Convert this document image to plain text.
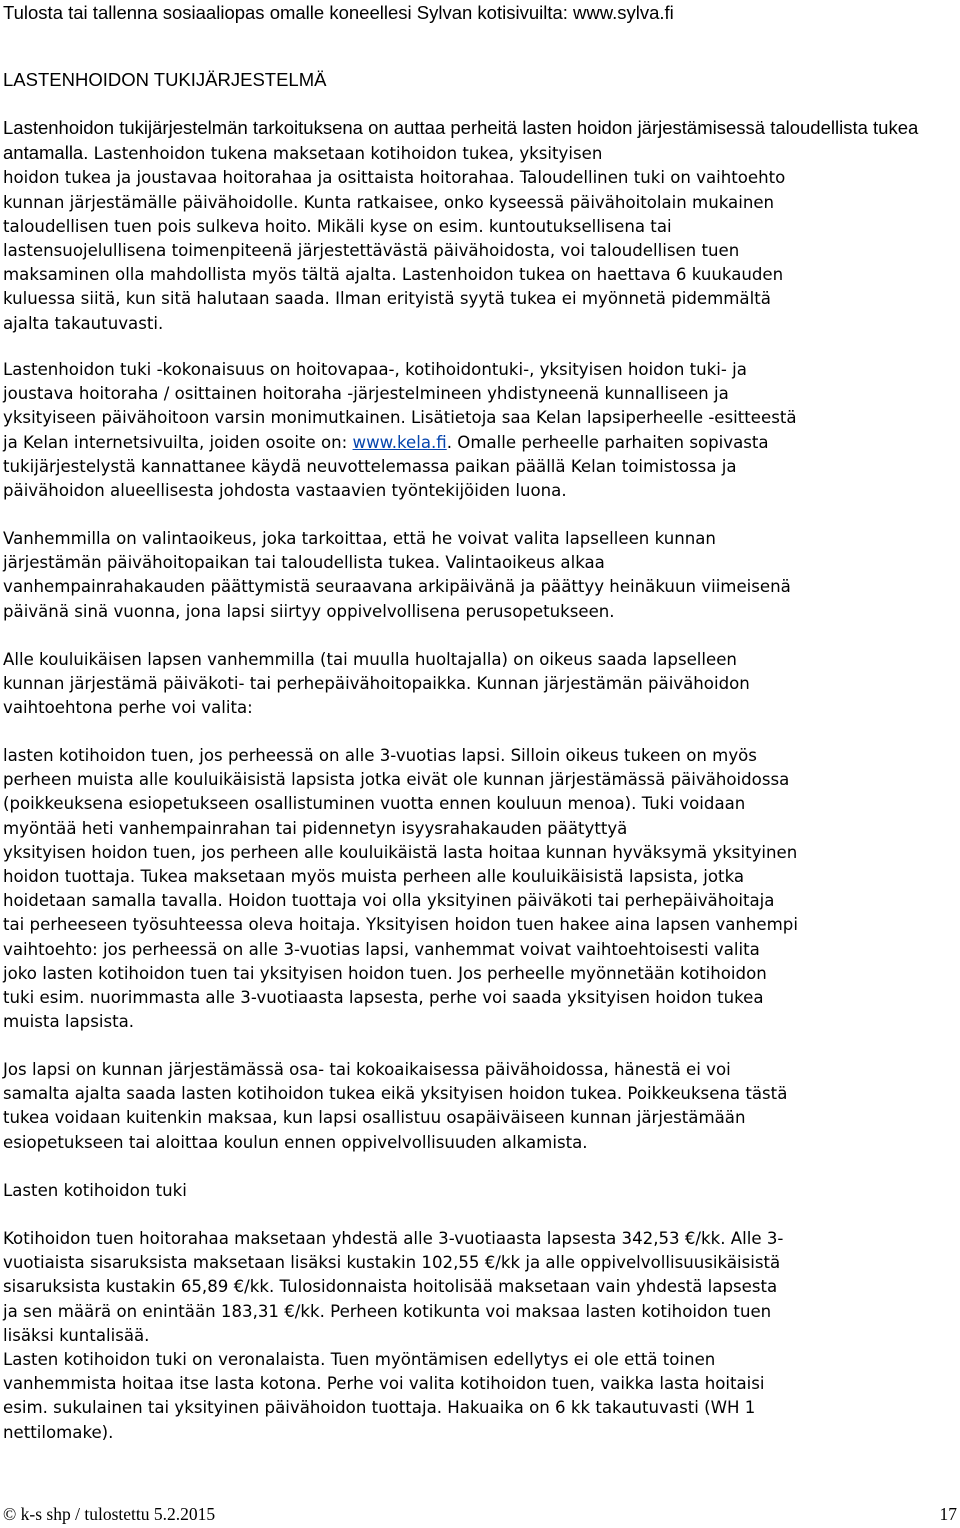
Tulosta tai tallenna sosiaaliopas omalle koneellesi Sylvan kotisivuilta: www.sylva.fi
LASTENHOIDON TUKIJÄRJESTELMÄ

Lastenhoidon tukijärjestelmän tarkoituksena on auttaa perheitä lasten hoidon järjestämisessä taloudellista tukea antamalla. Lastenhoidon tukena maksetaan kotihoidon tukea, yksityisen
hoidon tukea ja joustavaa hoitorahaa ja osittaista hoitorahaa. Taloudellinen tuki on vaihtoehto
kunnan järjestämälle päivähoidolle. Kunta ratkaisee, onko kyseessä päivähoitolain mukainen
taloudellisen tuen pois sulkeva hoito. Mikäli kyse on esim. kuntoutuksellisena tai
lastensuojelullisena toimenpiteenä järjestettävästä päivähoidosta, voi taloudellisen tuen
maksaminen olla mahdollista myös tältä ajalta. Lastenhoidon tukea on haettava 6 kuukauden
kuluessa siitä, kun sitä halutaan saada. Ilman erityistä syytä tukea ei myönnetä pidemmältä
ajalta takautuvasti.

Lastenhoidon tuki -kokonaisuus on hoitovapaa-, kotihoidontuki-, yksityisen hoidon tuki- ja
joustava hoitoraha / osittainen hoitoraha -järjestelmineen yhdistyneenä kunnalliseen ja
yksityiseen päivähoitoon varsin monimutkainen. Lisätietoja saa Kelan lapsiperheelle -esitteestä
ja Kelan internetsivuilta, joiden osoite on: www.kela.fi. Omalle perheelle parhaiten sopivasta
tukijärjestelystä kannattanee käydä neuvottelemassa paikan päällä Kelan toimistossa ja
päivähoidon alueellisesta johdosta vastaavien työntekijöiden luona.

Vanhemmilla on valintaoikeus, joka tarkoittaa, että he voivat valita lapselleen kunnan
järjestämän päivähoitopaikan tai taloudellista tukea. Valintaoikeus alkaa
vanhempainrahakauden päättymistä seuraavana arkipäivänä ja päättyy heinäkuun viimeisenä
päivänä sinä vuonna, jona lapsi siirtyy oppivelvollisena perusopetukseen.

Alle kouluikäisen lapsen vanhemmilla (tai muulla huoltajalla) on oikeus saada lapselleen
kunnan järjestämä päiväkoti- tai perhepäivähoitopaikka. Kunnan järjestämän päivähoidon
vaihtoehtona perhe voi valita:

lasten kotihoidon tuen, jos perheessä on alle 3-vuotias lapsi. Silloin oikeus tukeen on myös
perheen muista alle kouluikäisistä lapsista jotka eivät ole kunnan järjestämässä päivähoidossa
(poikkeuksena esiopetukseen osallistuminen vuotta ennen kouluun menoa). Tuki voidaan
myöntää heti vanhempainrahan tai pidennetyn isyysrahakauden päätyttyä
yksityisen hoidon tuen, jos perheen alle kouluikäistä lasta hoitaa kunnan hyväksymä yksityinen
hoidon tuottaja. Tukea maksetaan myös muista perheen alle kouluikäisistä lapsista, jotka
hoidetaan samalla tavalla. Hoidon tuottaja voi olla yksityinen päiväkoti tai perhepäivähoitaja
tai perheeseen työsuhteessa oleva hoitaja. Yksityisen hoidon tuen hakee aina lapsen vanhempi
vaihtoehto: jos perheessä on alle 3-vuotias lapsi, vanhemmat voivat vaihtoehtoisesti valita
joko lasten kotihoidon tuen tai yksityisen hoidon tuen. Jos perheelle myönnetään kotihoidon
tuki esim. nuorimmasta alle 3-vuotiaasta lapsesta, perhe voi saada yksityisen hoidon tukea
muista lapsista.

Jos lapsi on kunnan järjestämässä osa- tai kokoaikaisessa päivähoidossa, hänestä ei voi
samalta ajalta saada lasten kotihoidon tukea eikä yksityisen hoidon tukea. Poikkeuksena tästä
tukea voidaan kuitenkin maksaa, kun lapsi osallistuu osapäiväiseen kunnan järjestämään
esiopetukseen tai aloittaa koulun ennen oppivelvollisuuden alkamista.

Lasten kotihoidon tuki

Kotihoidon tuen hoitorahaa maksetaan yhdestä alle 3-vuotiaasta lapsesta 342,53 €/kk. Alle 3-
vuotiaista sisaruksista maksetaan lisäksi kustakin 102,55 €/kk ja alle oppivelvollisuusikäisistä
sisaruksista kustakin 65,89 €/kk. Tulosidonnaista hoitolisää maksetaan vain yhdestä lapsesta
ja sen määrä on enintään 183,31 €/kk. Perheen kotikunta voi maksaa lasten kotihoidon tuen
lisäksi kuntalisää.
Lasten kotihoidon tuki on veronalaista. Tuen myöntämisen edellytys ei ole että toinen
vanhemmista hoitaa itse lasta kotona. Perhe voi valita kotihoidon tuen, vaikka lasta hoitaisi
esim. sukulainen tai yksityinen päivähoidon tuottaja. Hakuaika on 6 kk takautuvasti (WH 1
nettilomake).

© k-s shp / tulostettu 5.2.2015	17
